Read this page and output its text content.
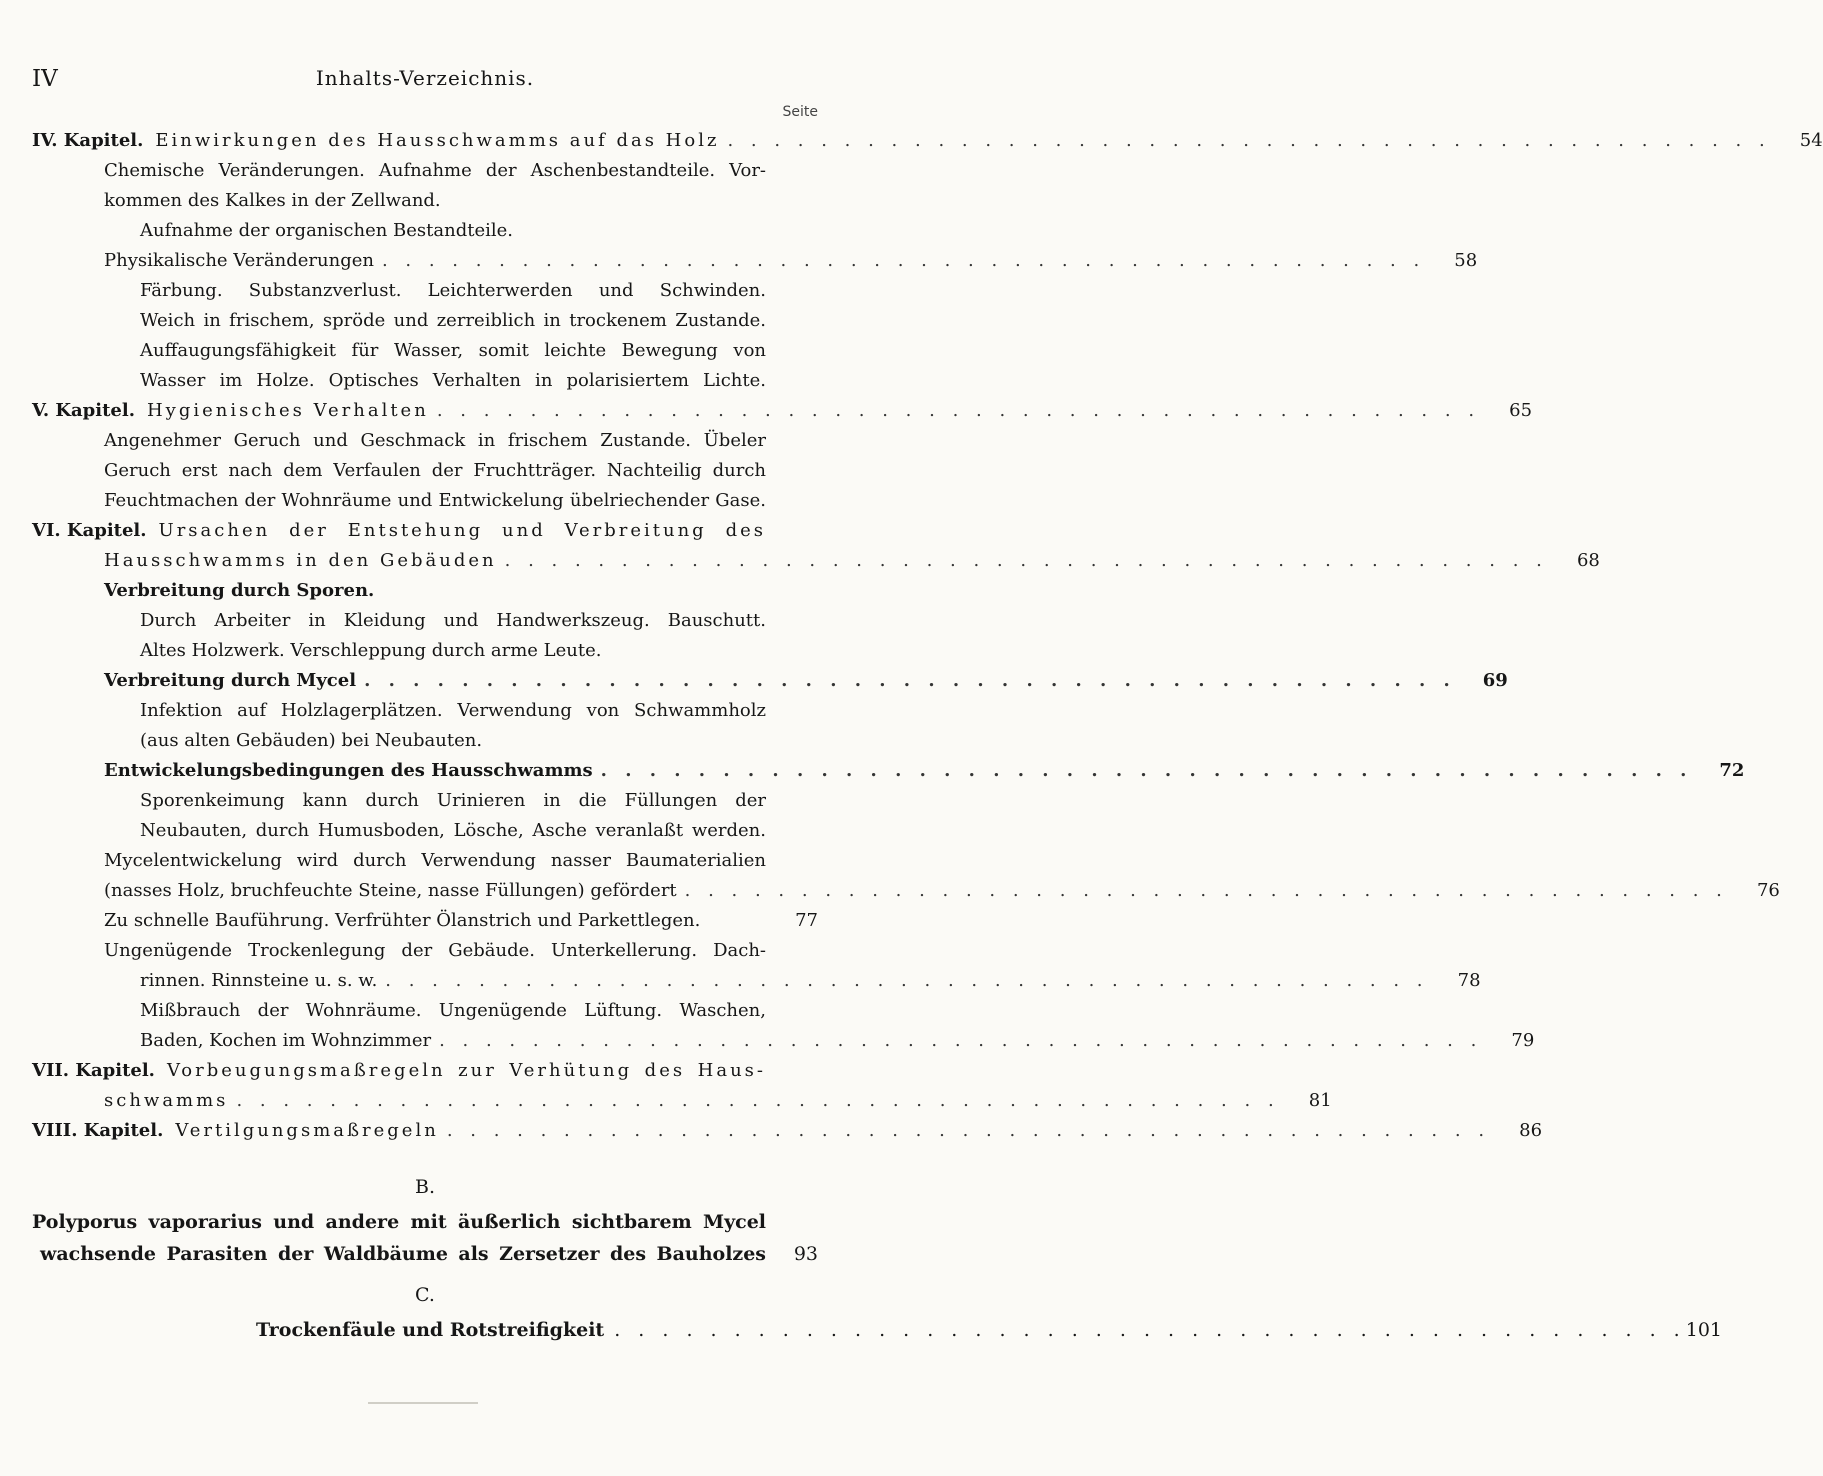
IV	Inhalts-Verzeichnis.
Seite
IV. Kapitel. Einwirkungen des Hausschwamms auf das Holz . . . . . . . . . . . . . . . . . . . . . . . . . . . . . . . . . . . . . . . . . . . . .	54
Chemische Veränderungen. Aufnahme der Aschenbestandteile. Vor-
kommen des Kalkes in der Zellwand.
Aufnahme der organischen Bestandteile.
Physikalische Veränderungen . . . . . . . . . . . . . . . . . . . . . . . . . . . . . . . . . . . . . . . . . . . . .	58
Färbung. Substanzverlust. Leichterwerden und Schwinden.
Weich in frischem, spröde und zerreiblich in trockenem Zustande.
Auffaugungsfähigkeit für Wasser, somit leichte Bewegung von
Wasser im Holze. Optisches Verhalten in polarisiertem Lichte.
V. Kapitel. Hygienisches Verhalten . . . . . . . . . . . . . . . . . . . . . . . . . . . . . . . . . . . . . . . . . . . . .	65
Angenehmer Geruch und Geschmack in frischem Zustande. Übeler
Geruch erst nach dem Verfaulen der Fruchtträger. Nachteilig durch
Feuchtmachen der Wohnräume und Entwickelung übelriechender Gase.
VI. Kapitel. Ursachen der Entstehung und Verbreitung des
Hausschwamms in den Gebäuden . . . . . . . . . . . . . . . . . . . . . . . . . . . . . . . . . . . . . . . . . . . . .	68
Verbreitung durch Sporen.
Durch Arbeiter in Kleidung und Handwerkszeug. Bauschutt.
Altes Holzwerk. Verschleppung durch arme Leute.
Verbreitung durch Mycel . . . . . . . . . . . . . . . . . . . . . . . . . . . . . . . . . . . . . . . . . . . . .	69
Infektion auf Holzlagerplätzen. Verwendung von Schwammholz
(aus alten Gebäuden) bei Neubauten.
Entwickelungsbedingungen des Hausschwamms . . . . . . . . . . . . . . . . . . . . . . . . . . . . . . . . . . . . . . . . . . . . .	72
Sporenkeimung kann durch Urinieren in die Füllungen der
Neubauten, durch Humusboden, Lösche, Asche veranlaßt werden.
Mycelentwickelung wird durch Verwendung nasser Baumaterialien
(nasses Holz, bruchfeuchte Steine, nasse Füllungen) gefördert . . . . . . . . . . . . . . . . . . . . . . . . . . . . . . . . . . . . . . . . . . . . .	76
Zu schnelle Bauführung. Verfrühter Ölanstrich und Parkettlegen.	77
Ungenügende Trockenlegung der Gebäude. Unterkellerung. Dach-
rinnen. Rinnsteine u. s. w. . . . . . . . . . . . . . . . . . . . . . . . . . . . . . . . . . . . . . . . . . . . . .	78
Mißbrauch der Wohnräume. Ungenügende Lüftung. Waschen,
Baden, Kochen im Wohnzimmer . . . . . . . . . . . . . . . . . . . . . . . . . . . . . . . . . . . . . . . . . . . . .	79
VII. Kapitel. Vorbeugungsmaßregeln zur Verhütung des Haus-
schwamms . . . . . . . . . . . . . . . . . . . . . . . . . . . . . . . . . . . . . . . . . . . . .	81
VIII. Kapitel. Vertilgungsmaßregeln . . . . . . . . . . . . . . . . . . . . . . . . . . . . . . . . . . . . . . . . . . . . .	86
B.
Polyporus vaporarius und andere mit äußerlich sichtbarem Mycel
wachsende Parasiten der Waldbäume als Zersetzer des Bauholzes	93
C.
Trockenfäule und Rotstreifigkeit . . . . . . . . . . . . . . . . . . . . . . . . . . . . . . . . . . . . . . . . . . . . . 101
